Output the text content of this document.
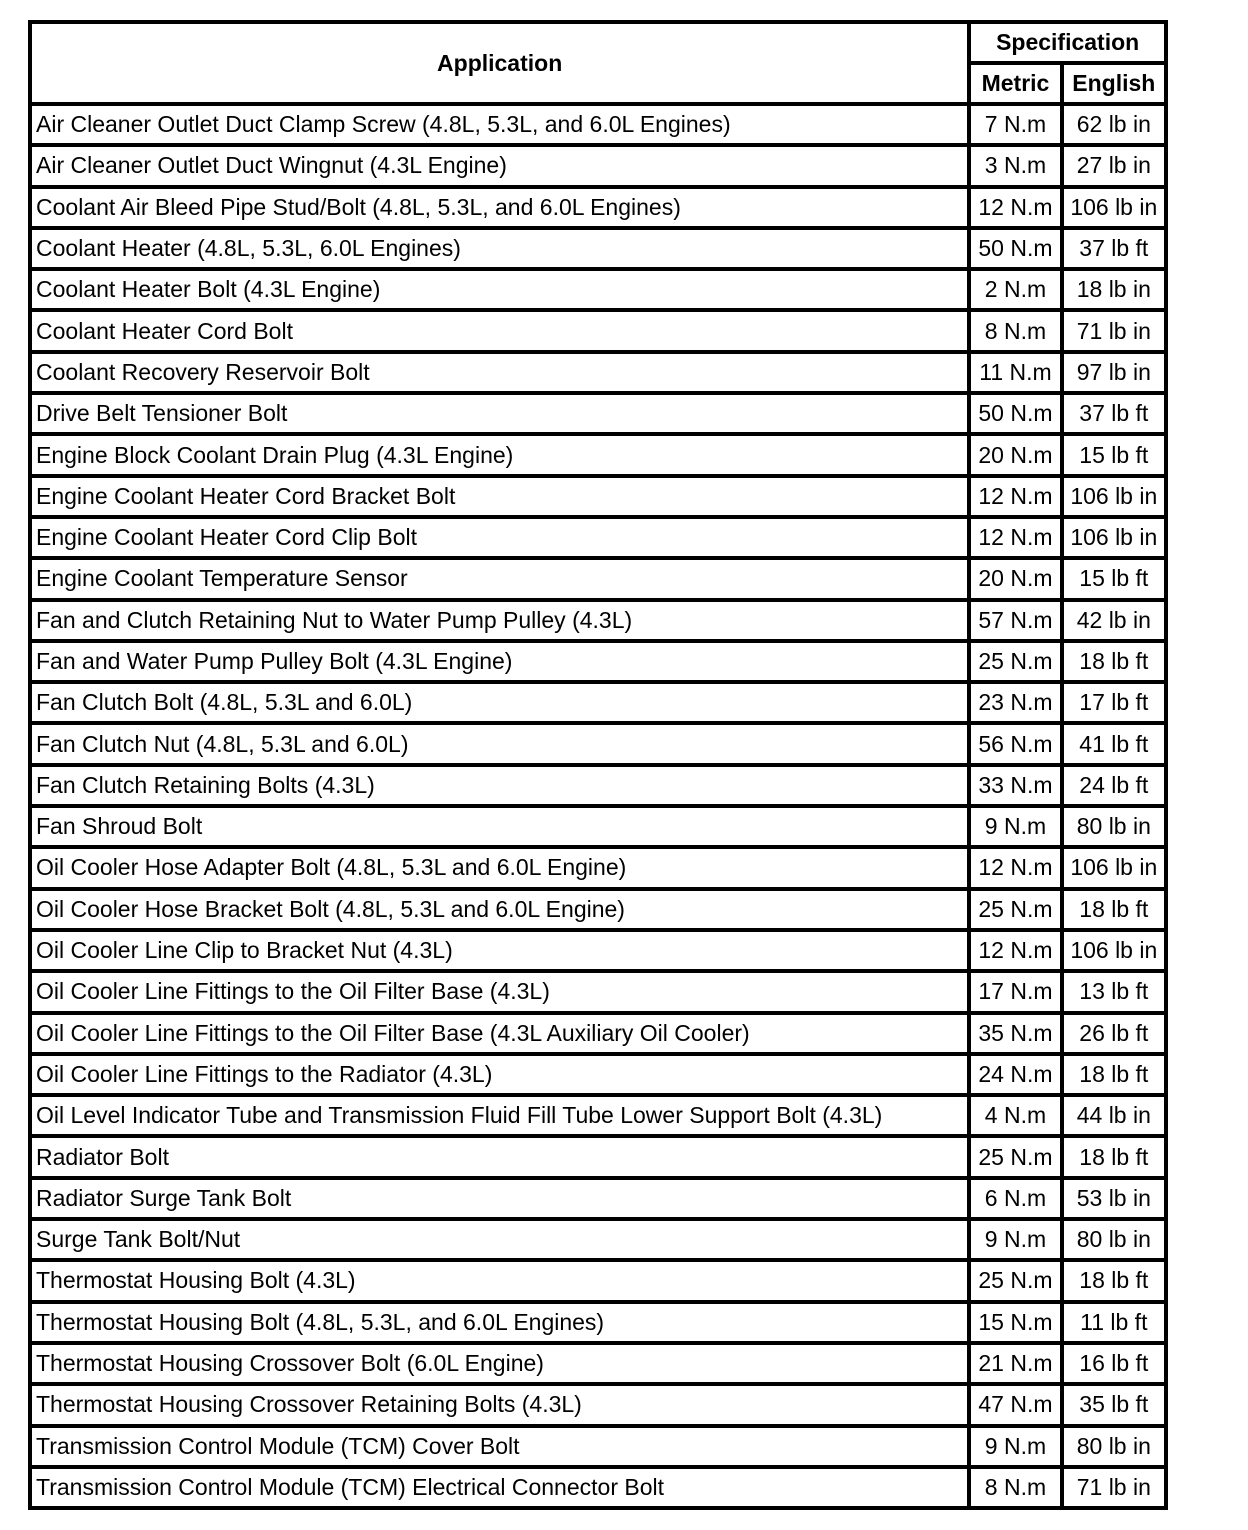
Application	Specification	
	Metric	English
Air Cleaner Outlet Duct Clamp Screw (4.8L, 5.3L, and 6.0L Engines)	7 N.m	62 lb in
Air Cleaner Outlet Duct Wingnut (4.3L Engine)	3 N.m	27 lb in
Coolant Air Bleed Pipe Stud/Bolt (4.8L, 5.3L, and 6.0L Engines)	12 N.m	106 lb in
Coolant Heater (4.8L, 5.3L, 6.0L Engines)	50 N.m	37 lb ft
Coolant Heater Bolt (4.3L Engine)	2 N.m	18 lb in
Coolant Heater Cord Bolt	8 N.m	71 lb in
Coolant Recovery Reservoir Bolt	11 N.m	97 lb in
Drive Belt Tensioner Bolt	50 N.m	37 lb ft
Engine Block Coolant Drain Plug (4.3L Engine)	20 N.m	15 lb ft
Engine Coolant Heater Cord Bracket Bolt	12 N.m	106 lb in
Engine Coolant Heater Cord Clip Bolt	12 N.m	106 lb in
Engine Coolant Temperature Sensor	20 N.m	15 lb ft
Fan and Clutch Retaining Nut to Water Pump Pulley (4.3L)	57 N.m	42 lb in
Fan and Water Pump Pulley Bolt (4.3L Engine)	25 N.m	18 lb ft
Fan Clutch Bolt (4.8L, 5.3L and 6.0L)	23 N.m	17 lb ft
Fan Clutch Nut (4.8L, 5.3L and 6.0L)	56 N.m	41 lb ft
Fan Clutch Retaining Bolts (4.3L)	33 N.m	24 lb ft
Fan Shroud Bolt	9 N.m	80 lb in
Oil Cooler Hose Adapter Bolt (4.8L, 5.3L and 6.0L Engine)	12 N.m	106 lb in
Oil Cooler Hose Bracket Bolt (4.8L, 5.3L and 6.0L Engine)	25 N.m	18 lb ft
Oil Cooler Line Clip to Bracket Nut (4.3L)	12 N.m	106 lb in
Oil Cooler Line Fittings to the Oil Filter Base (4.3L)	17 N.m	13 lb ft
Oil Cooler Line Fittings to the Oil Filter Base (4.3L Auxiliary Oil Cooler)	35 N.m	26 lb ft
Oil Cooler Line Fittings to the Radiator (4.3L)	24 N.m	18 lb ft
Oil Level Indicator Tube and Transmission Fluid Fill Tube Lower Support Bolt (4.3L)	4 N.m	44 lb in
Radiator Bolt	25 N.m	18 lb ft
Radiator Surge Tank Bolt	6 N.m	53 lb in
Surge Tank Bolt/Nut	9 N.m	80 lb in
Thermostat Housing Bolt (4.3L)	25 N.m	18 lb ft
Thermostat Housing Bolt (4.8L, 5.3L, and 6.0L Engines)	15 N.m	11 lb ft
Thermostat Housing Crossover Bolt (6.0L Engine)	21 N.m	16 lb ft
Thermostat Housing Crossover Retaining Bolts (4.3L)	47 N.m	35 lb ft
Transmission Control Module (TCM) Cover Bolt	9 N.m	80 lb in
Transmission Control Module (TCM) Electrical Connector Bolt	8 N.m	71 lb in
